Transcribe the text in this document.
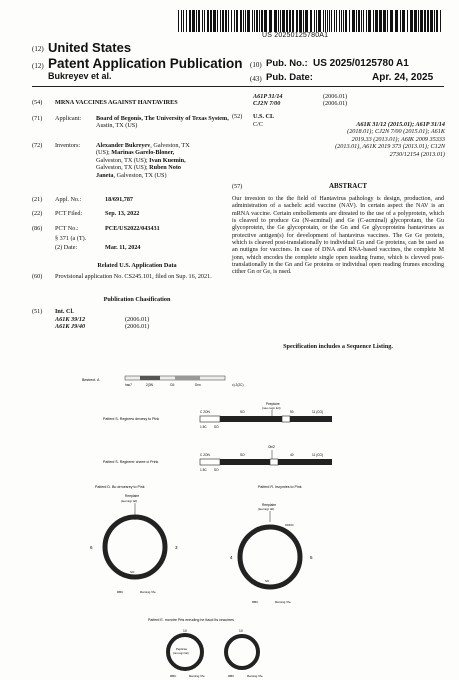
US 20250125780A1
(12) United States
(12) Patent Application Publication
Bukreyev et al.
(10) Pub. No.: US 2025/0125780 A1
(43) Pub. Date:	Apr. 24, 2025
(54) MRNA VACCINES AGAINST HANTAVIRES
(71) Applicant: Board of Begonis, The University of Texas System, Austin, TX (US)
(72) Inventors:	Alexander Bukreyev, Galveston, TX
(US); Marinas Garelo-Bloner,
Galveston, TX (US); Ivan Kuemin,
Galveston, TX (US); Ruben Noto
Janeta, Galveston, TX (US)
(21) Appl. No.:	18/691,787
(22) PCT Filed:	Sep. 13, 2022
(86) PCT No.:	PCE/US2022/043431
§ 371 (a (T).
(2) Date:	Mar. 11, 2024
Related U.S. Application Data
(60) Provisional application No. CS245.101, filed on Sup. 16, 2021.
Publication Chasification
(51) Int. Cl.
A61K 39/12	(2006.01)
A61K J9/40	(2006.01)
A61P 31/14	(2006.01)
CJ2N 7/00	(2006.01)
(52) U.S. CL
C/C	A61K 31/12 (2015.01); A61P 31/14
(2018.01); CJ2N 7/00 (2015.01); A61K
2019.33 (2013.01); A6IK 2009 35333
(2013.01), A61K 2019 373 (2013.01); C12N
2730/12154 (2013.01)
(57)	ABSTRACT
Our invesion to the the field of Hantavirus pathology is design, production, and administration of a sachelc acid vaccine (NAV). In certain aspect the NAV is an mRNA vaccine. Certain embollements are direated to the use of a polyprotein, which is cleaved to produce Gu (N-acminal) and Ge (C-acminal) glycoprotam, the Gu glycoprotein, the Ge glycoprotain, or the Gn and Ge glycoproteins hantavirues as protective antigen(s) for development of hantavirus vaccines. The Ge Ge protein, which is cleaved post-translationally to individual Gn and Ge proteins, can be used as an nutigns for vaccines. In case of DNA and RNA-based vaccines, the complete M jonn, which encodes the complete single open teading frame, which is clevved post-translationally in the Gn and Ge proteins or individual open reading frumes encoding cither Gn or Ge, is nsed.
Specification includes a Sequence Listing.
Bestrect. A
hac7	2(3N	C6:	Dvn	c) 2(2C)
Paiferd S. Regirerw drroesy to Pink
C 2ON	SO
Peeptoire
(neo-rogn loii)
50	11 (CG)
1.5C SO
Paiferd S. Regirerer cheee ci Prink
Ob/2
C 2ON	SO	40	11 (CG)
1.5C SO
Paiferd D. Bu drroesrey to Pink
Reeplaire
(leemrgr laf)
6	3
SO
RBC	Raming Vfe
Paiferd R. Irsrymies to Pink
Reeplaire
(leemrgr laf)
L1E	ORDC
4	5
SO
RBC	Raming Vfe
Paiferd E. mcrotre Prts enruding he Itaod Its ceaoirres
10
Peplicas
(ren-regn tail)
RBC	Raming Vfe
10
RBC	Raming Vfe
